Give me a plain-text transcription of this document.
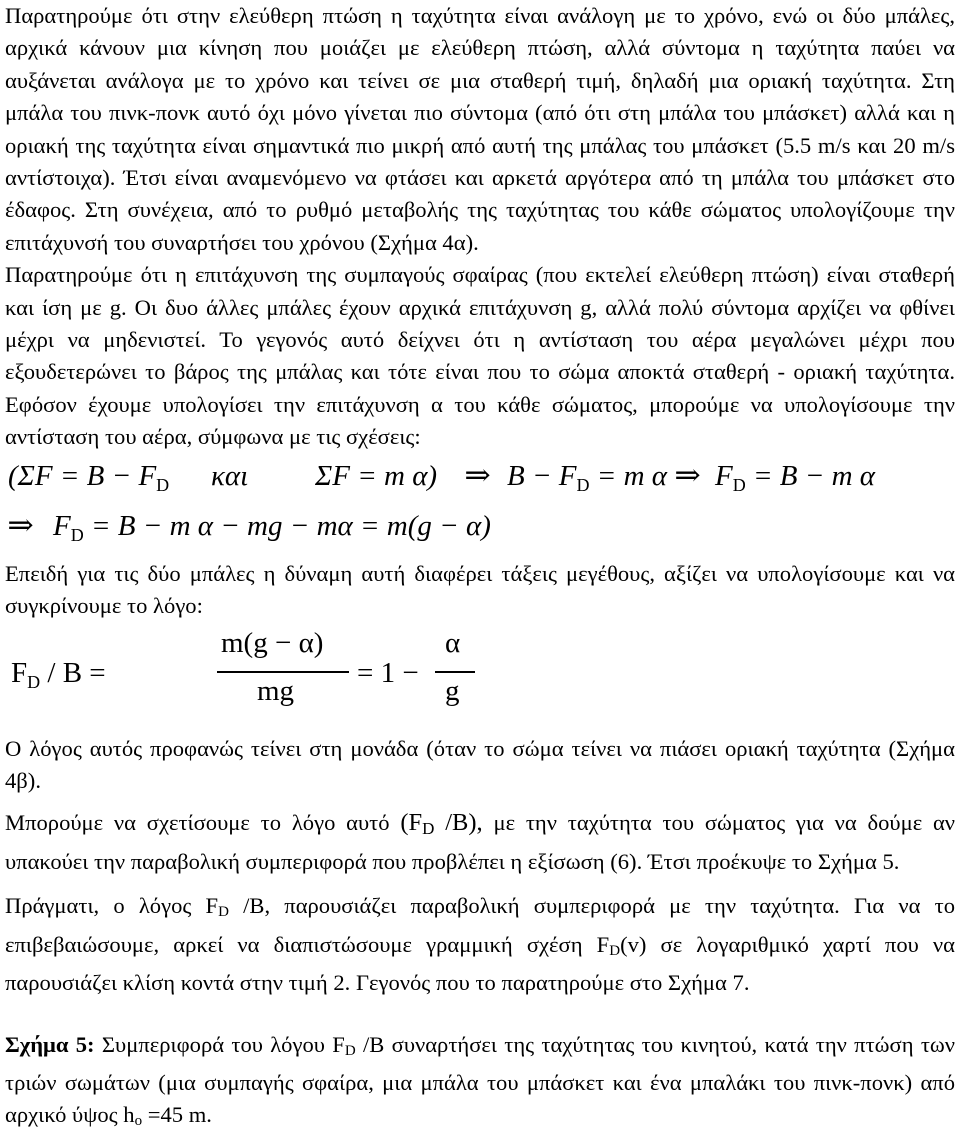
Παρατηρούμε ότι στην ελεύθερη πτώση η ταχύτητα είναι ανάλογη με το χρόνο, ενώ οι δύο μπάλες, αρχικά κάνουν μια κίνηση που μοιάζει με ελεύθερη πτώση, αλλά σύντομα η ταχύτητα παύει να αυξάνεται ανάλογα με το χρόνο και τείνει σε μια σταθερή τιμή, δηλαδή μια οριακή ταχύτητα. Στη μπάλα του πινκ-πονκ αυτό όχι μόνο γίνεται πιο σύντομα (από ότι στη μπάλα του μπάσκετ) αλλά και η οριακή της ταχύτητα είναι σημαντικά πιο μικρή από αυτή της μπάλας του μπάσκετ (5.5 m/s και 20 m/s αντίστοιχα). Έτσι είναι αναμενόμενο να φτάσει και αρκετά αργότερα από τη μπάλα του μπάσκετ στο έδαφος. Στη συνέχεια, από το ρυθμό μεταβολής της ταχύτητας του κάθε σώματος υπολογίζουμε την επιτάχυνσή του συναρτήσει του χρόνου (Σχήμα 4α).

Παρατηρούμε ότι η επιτάχυνση της συμπαγούς σφαίρας (που εκτελεί ελεύθερη πτώση) είναι σταθερή και ίση με g. Οι δυο άλλες μπάλες έχουν αρχικά επιτάχυνση g, αλλά πολύ σύντομα αρχίζει να φθίνει μέχρι να μηδενιστεί. Το γεγονός αυτό δείχνει ότι η αντίσταση του αέρα μεγαλώνει μέχρι που εξουδετερώνει το βάρος της μπάλας και τότε είναι που το σώμα αποκτά σταθερή - οριακή ταχύτητα. Εφόσον έχουμε υπολογίσει την επιτάχυνση α του κάθε σώματος, μπορούμε να υπολογίσουμε την αντίσταση του αέρα, σύμφωνα με τις σχέσεις:

($\Sigma F = B - F_D$ και ΣF = m α) ⇒ $B - F_D = m$ α ⇒ $F_D = B - m$ α
⇒ $F_D = B - m$ α − mg − mα = m(g − α)

Επειδή για τις δύο μπάλες η δύναμη αυτή διαφέρει τάξεις μεγέθους, αξίζει να υπολογίσουμε και να συγκρίνουμε το λόγο:

$F_D$ / B =
m(g − α)
mg
= 1 −
α
g

Ο λόγος αυτός προφανώς τείνει στη μονάδα (όταν το σώμα τείνει να πιάσει οριακή ταχύτητα (Σχήμα 4β).

Μπορούμε να σχετίσουμε το λόγο αυτό ($F_D$ /B), με την ταχύτητα του σώματος για να δούμε αν υπακούει την παραβολική συμπεριφορά που προβλέπει η εξίσωση (6). Έτσι προέκυψε το Σχήμα 5.

Πράγματι, ο λόγος $F_D$ /B, παρουσιάζει παραβολική συμπεριφορά με την ταχύτητα. Για να το επιβεβαιώσουμε, αρκεί να διαπιστώσουμε γραμμική σχέση $F_D(v)$ σε λογαριθμικό χαρτί που να παρουσιάζει κλίση κοντά στην τιμή 2. Γεγονός που το παρατηρούμε στο Σχήμα 7.

Σχήμα 5: Συμπεριφορά του λόγου $F_D$ /B συναρτήσει της ταχύτητας του κινητού, κατά την πτώση των τριών σωμάτων (μια συμπαγής σφαίρα, μια μπάλα του μπάσκετ και ένα μπαλάκι του πινκ-πονκ) από αρχικό ύψος $h_o =45$ m.
